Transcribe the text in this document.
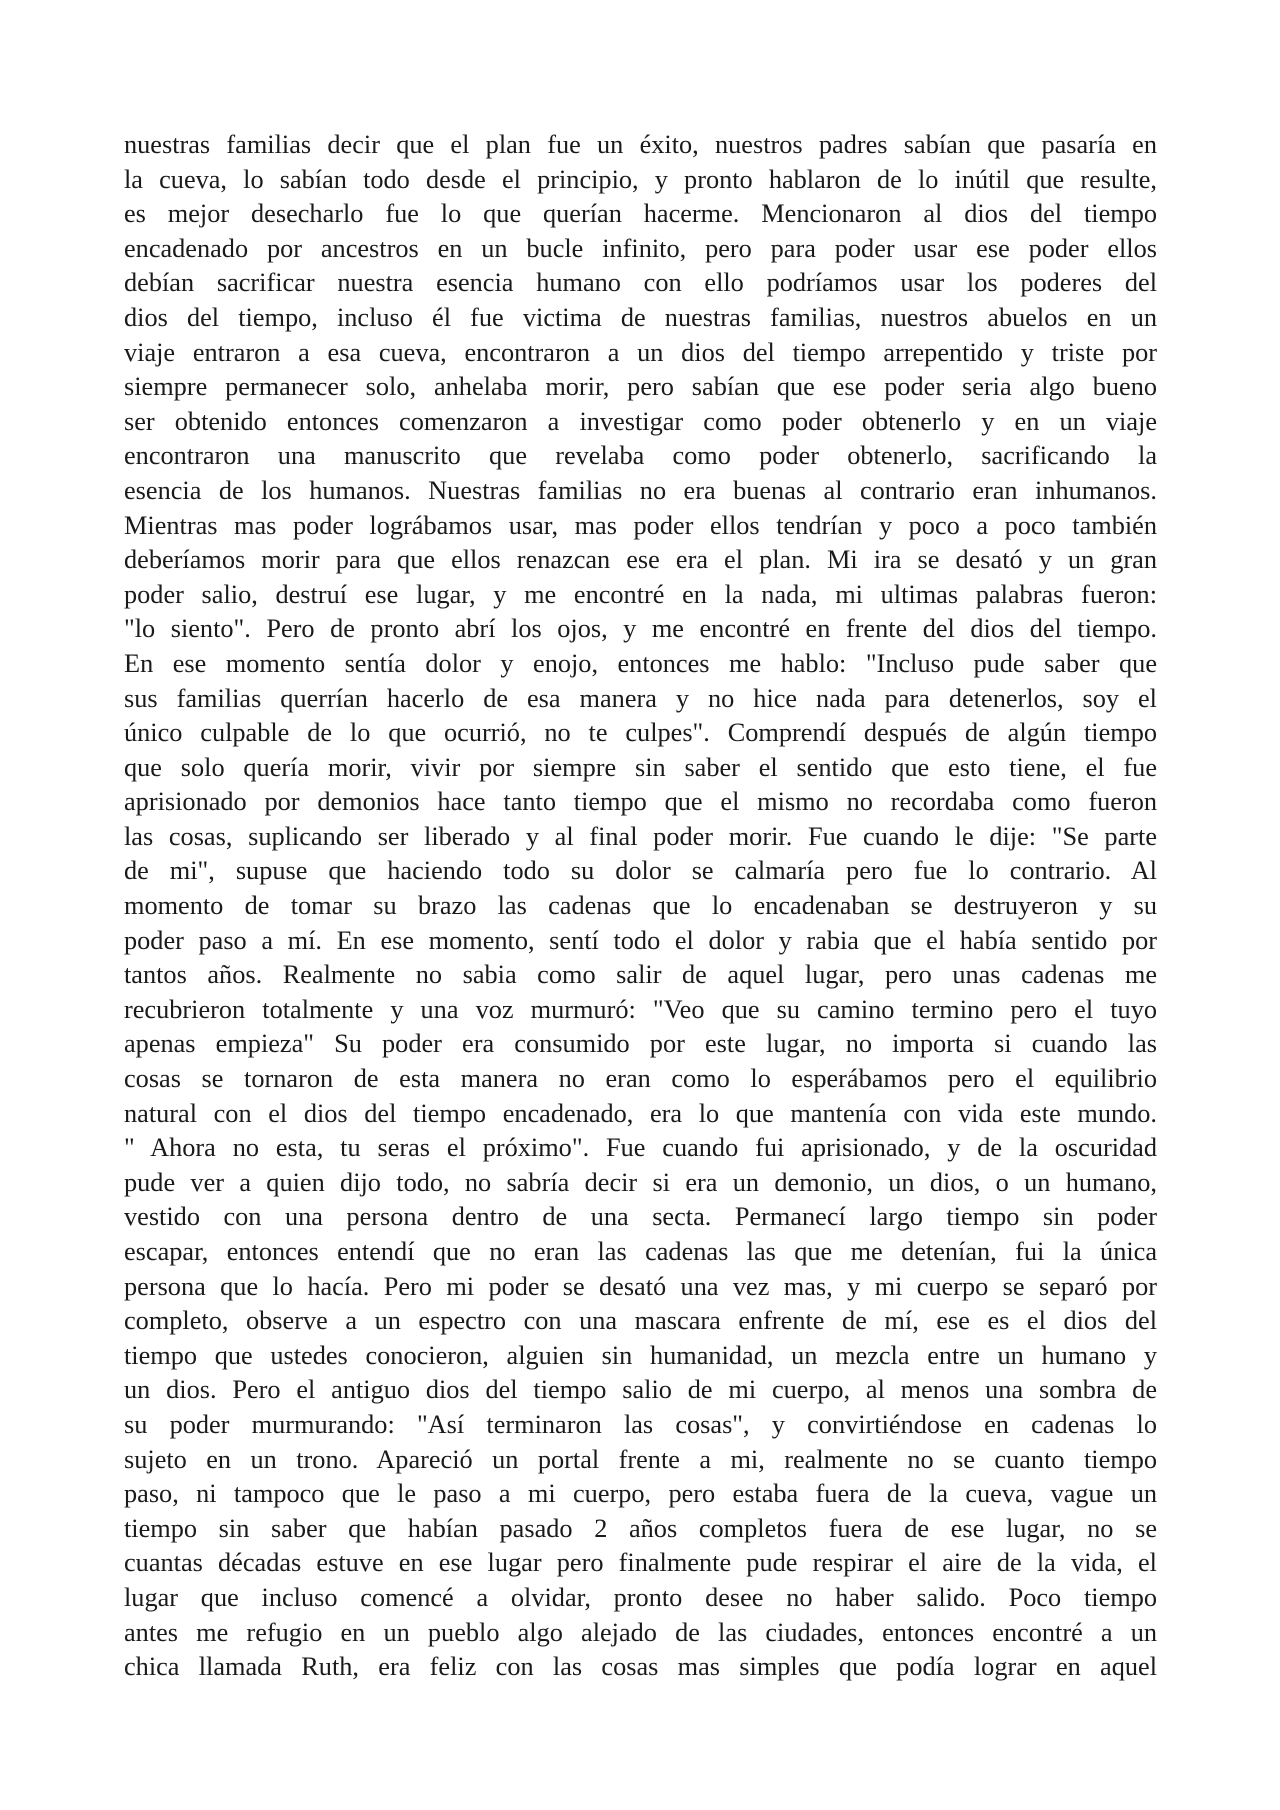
nuestras familias decir que el plan fue un éxito, nuestros padres sabían que pasaría en
la cueva, lo sabían todo desde el principio, y pronto hablaron de lo inútil que resulte,
es mejor desecharlo fue lo que querían hacerme. Mencionaron al dios del tiempo
encadenado por ancestros en un bucle infinito, pero para poder usar ese poder ellos
debían sacrificar nuestra esencia humano con ello podríamos usar los poderes del
dios del tiempo, incluso él fue victima de nuestras familias, nuestros abuelos en un
viaje entraron a esa cueva, encontraron a un dios del tiempo arrepentido y triste por
siempre permanecer solo, anhelaba morir, pero sabían que ese poder seria algo bueno
ser obtenido entonces comenzaron a investigar como poder obtenerlo y en un viaje
encontraron una manuscrito que revelaba como poder obtenerlo, sacrificando la
esencia de los humanos. Nuestras familias no era buenas al contrario eran inhumanos.
Mientras mas poder lográbamos usar, mas poder ellos tendrían y poco a poco también
deberíamos morir para que ellos renazcan ese era el plan. Mi ira se desató y un gran
poder salio, destruí ese lugar, y me encontré en la nada, mi ultimas palabras fueron:
"lo siento". Pero de pronto abrí los ojos, y me encontré en frente del dios del tiempo.
En ese momento sentía dolor y enojo, entonces me hablo: "Incluso pude saber que
sus familias querrían hacerlo de esa manera y no hice nada para detenerlos, soy el
único culpable de lo que ocurrió, no te culpes". Comprendí después de algún tiempo
que solo quería morir, vivir por siempre sin saber el sentido que esto tiene, el fue
aprisionado por demonios hace tanto tiempo que el mismo no recordaba como fueron
las cosas, suplicando ser liberado y al final poder morir. Fue cuando le dije: "Se parte
de mi", supuse que haciendo todo su dolor se calmaría pero fue lo contrario. Al
momento de tomar su brazo las cadenas que lo encadenaban se destruyeron y su
poder paso a mí. En ese momento, sentí todo el dolor y rabia que el había sentido por
tantos años. Realmente no sabia como salir de aquel lugar, pero unas cadenas me
recubrieron totalmente y una voz murmuró: "Veo que su camino termino pero el tuyo
apenas empieza" Su poder era consumido por este lugar, no importa si cuando las
cosas se tornaron de esta manera no eran como lo esperábamos pero el equilibrio
natural con el dios del tiempo encadenado, era lo que mantenía con vida este mundo.
" Ahora no esta, tu seras el próximo". Fue cuando fui aprisionado, y de la oscuridad
pude ver a quien dijo todo, no sabría decir si era un demonio, un dios, o un humano,
vestido con una persona dentro de una secta. Permanecí largo tiempo sin poder
escapar, entonces entendí que no eran las cadenas las que me detenían, fui la única
persona que lo hacía. Pero mi poder se desató una vez mas, y mi cuerpo se separó por
completo, observe a un espectro con una mascara enfrente de mí, ese es el dios del
tiempo que ustedes conocieron, alguien sin humanidad, un mezcla entre un humano y
un dios. Pero el antiguo dios del tiempo salio de mi cuerpo, al menos una sombra de
su poder murmurando: "Así terminaron las cosas", y convirtiéndose en cadenas lo
sujeto en un trono. Apareció un portal frente a mi, realmente no se cuanto tiempo
paso, ni tampoco que le paso a mi cuerpo, pero estaba fuera de la cueva, vague un
tiempo sin saber que habían pasado 2 años completos fuera de ese lugar, no se
cuantas décadas estuve en ese lugar pero finalmente pude respirar el aire de la vida, el
lugar que incluso comencé a olvidar, pronto desee no haber salido. Poco tiempo
antes me refugio en un pueblo algo alejado de las ciudades, entonces encontré a un
chica llamada Ruth, era feliz con las cosas mas simples que podía lograr en aquel
